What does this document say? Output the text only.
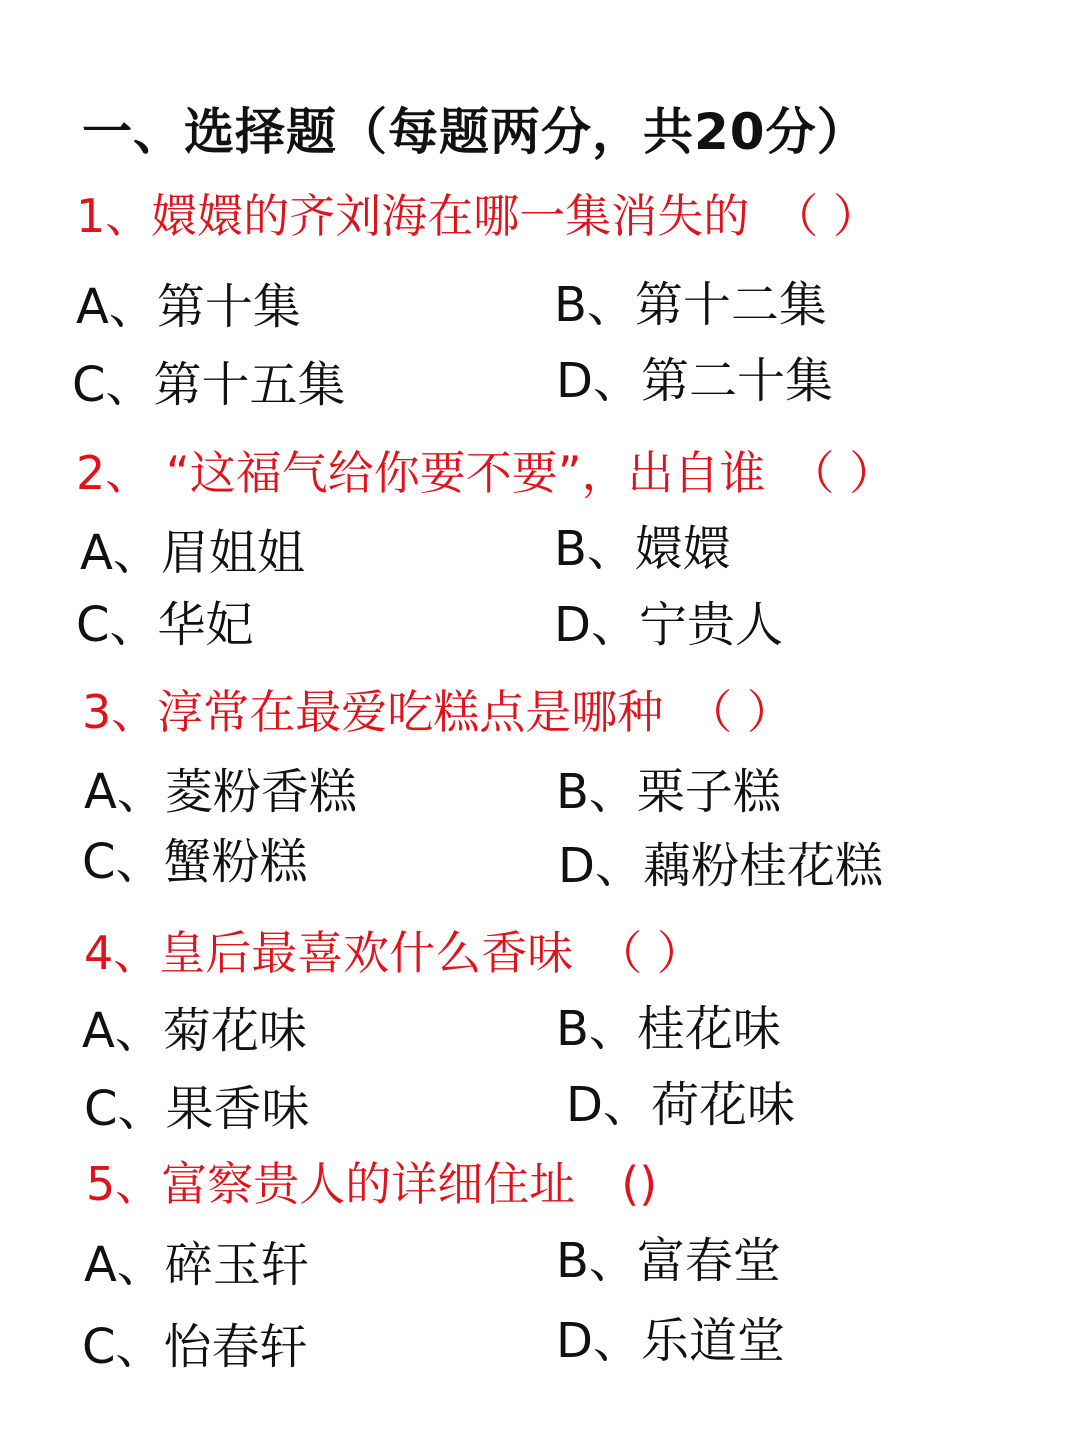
一、选择题（每题两分，共20分）
1、嬛嬛的齐刘海在哪一集消失的　（ ）
A、第十集	B、第十二集
C、第十五集	D、第二十集
2、 “这福气给你要不要”，出自谁　（ ）
A、眉姐姐	B、嬛嬛
C、华妃	D、宁贵人
3、淳常在最爱吃糕点是哪种　（ ）
A、菱粉香糕	B、栗子糕
C、蟹粉糕	D、藕粉桂花糕
4、皇后最喜欢什么香味　（ ）
A、菊花味	B、桂花味
C、果香味	D、荷花味
5、富察贵人的详细住址　()
A、碎玉轩	B、富春堂
C、怡春轩	D、乐道堂
